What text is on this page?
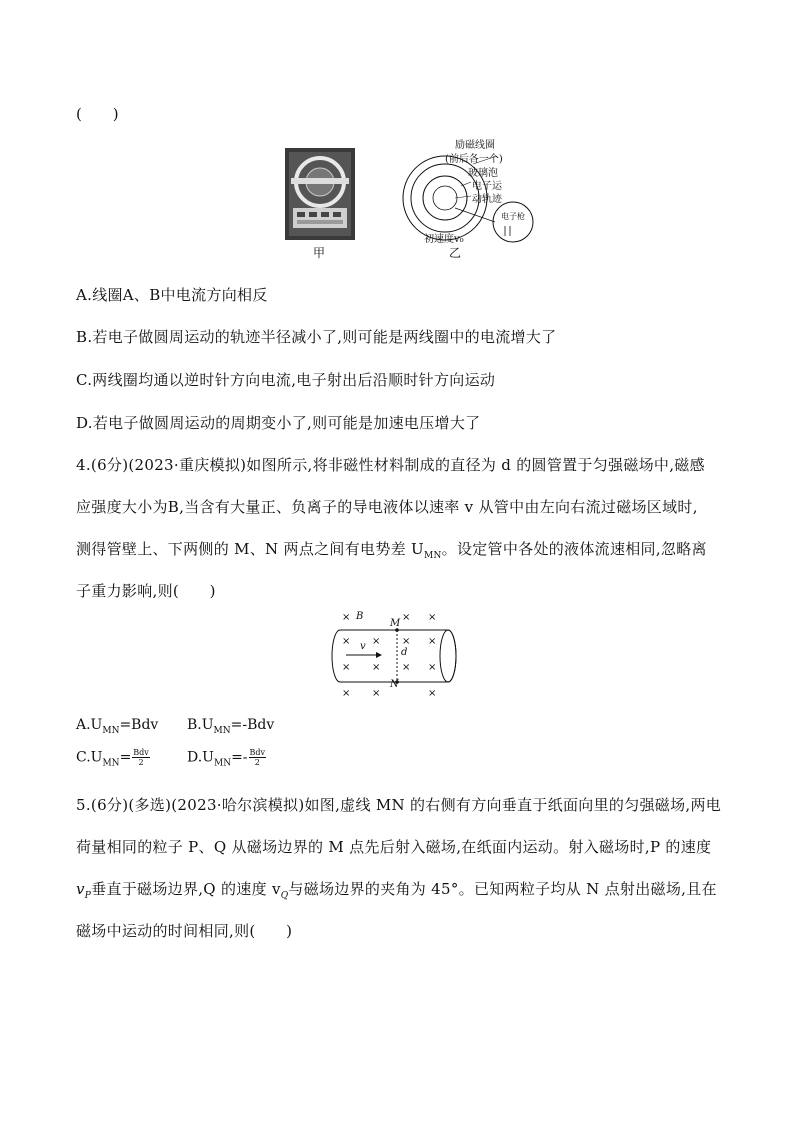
(　　)
甲
励磁线圈
(前后各一个)
玻璃泡
电子运
动轨迹
电子枪
初速度v₀
乙
A.线圈A、B中电流方向相反
B.若电子做圆周运动的轨迹半径减小了,则可能是两线圈中的电流增大了
C.两线圈均通以逆时针方向电流,电子射出后沿顺时针方向运动
D.若电子做圆周运动的周期变小了,则可能是加速电压增大了
4.(6分)(2023·重庆模拟)如图所示,将非磁性材料制成的直径为 d 的圆管置于匀强磁场中,磁感
应强度大小为B,当含有大量正、负离子的导电液体以速率 v 从管中由左向右流过磁场区域时,
测得管壁上、下两侧的 M、N 两点之间有电势差 $U_{MN}$。设定管中各处的液体流速相同,忽略离
子重力影响,则(　　)
×	× ×
× ×	×
× ×	×
×
×
× ×	×
B
M
N
v
d
$A.U_{MN}=Bdv$ $B.U_{MN}=$-Bdv
$C.U_{MN}= \frac{\text{Bdv}}{2}$	$D.U_{MN}=- \frac{\text{Bdv}}{2}$
5.(6分)(多选)(2023·哈尔滨模拟)如图,虚线 MN 的右侧有方向垂直于纸面向里的匀强磁场,两电
荷量相同的粒子 P、Q 从磁场边界的 M 点先后射入磁场,在纸面内运动。射入磁场时,P 的速度
$v_P$垂直于磁场边界,Q 的速度 $v_Q$与磁场边界的夹角为 45°。已知两粒子均从 N 点射出磁场,且在
磁场中运动的时间相同,则(　　)
